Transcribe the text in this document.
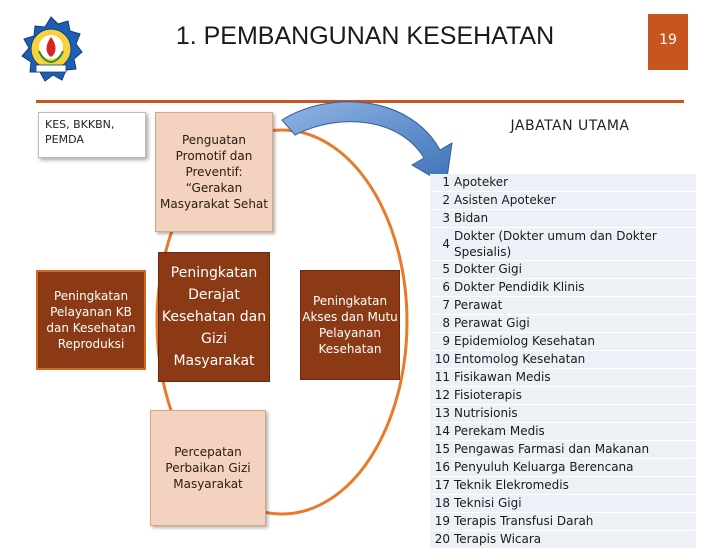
1. PEMBANGUNAN KESEHATAN	19
KES, BKKBN, PEMDA
Peningkatan Pelayanan KB dan Kesehatan Reproduksi
Penguatan Promotif dan Preventif: “Gerakan Masyarakat Sehat
Peningkatan Derajat Kesehatan dan Gizi Masyarakat
Peningkatan Akses dan Mutu Pelayanan Kesehatan
Percepatan Perbaikan Gizi Masyarakat
JABATAN UTAMA
1 Apoteker
2 Asisten Apoteker
3 Bidan
4
Dokter (Dokter umum dan Dokter Spesialis)
5 Dokter Gigi
6 Dokter Pendidik Klinis
7 Perawat
8 Perawat Gigi
9 Epidemiolog Kesehatan
10 Entomolog Kesehatan
11 Fisikawan Medis
12 Fisioterapis
13 Nutrisionis
14 Perekam Medis
15 Pengawas Farmasi dan Makanan
16 Penyuluh Keluarga Berencana
17 Teknik Elekromedis
18 Teknisi Gigi
19 Terapis Transfusi Darah
20 Terapis Wicara
